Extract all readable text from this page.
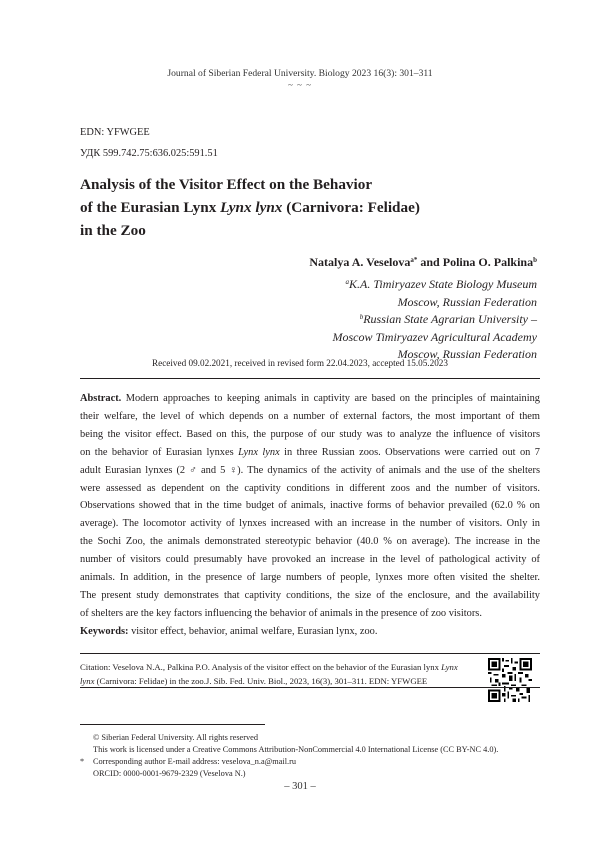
Journal of Siberian Federal University. Biology 2023 16(3): 301–311
~ ~ ~
EDN: YFWGEE
УДК 599.742.75:636.025:591.51
Analysis of the Visitor Effect on the Behavior
of the Eurasian Lynx Lynx lynx (Carnivora: Felidae)
in the Zoo
Natalya A. Veselova$^{a*}$ and Polina O. Palkina$^b$
$^a$K.A. Timiryazev State Biology Museum
Moscow, Russian Federation
$^b$Russian State Agrarian University –
Moscow Timiryazev Agricultural Academy
Moscow, Russian Federation
Received 09.02.2021, received in revised form 22.04.2023, accepted 15.05.2023
Abstract. Modern approaches to keeping animals in captivity are based on the principles of maintaining
their welfare, the level of which depends on a number of external factors, the most important of them
being the visitor effect. Based on this, the purpose of our study was to analyze the influence of visitors
on the behavior of Eurasian lynxes Lynx lynx in three Russian zoos. Observations were carried out on 7
adult Eurasian lynxes (2 ♂ and 5 ♀). The dynamics of the activity of animals and the use of the shelters
were assessed as dependent on the captivity conditions in different zoos and the number of visitors.
Observations showed that in the time budget of animals, inactive forms of behavior prevailed (62.0 % on
average). The locomotor activity of lynxes increased with an increase in the number of visitors. Only in
the Sochi Zoo, the animals demonstrated stereotypic behavior (40.0 % on average). The increase in the
number of visitors could presumably have provoked an increase in the level of pathological activity of
animals. In addition, in the presence of large numbers of people, lynxes more often visited the shelter.
The present study demonstrates that captivity conditions, the size of the enclosure, and the availability
of shelters are the key factors influencing the behavior of animals in the presence of zoo visitors.
Keywords: visitor effect, behavior, animal welfare, Eurasian lynx, zoo.
Citation: Veselova N.A., Palkina P.O. Analysis of the visitor effect on the behavior of the Eurasian lynx Lynx
lynx (Carnivora: Felidae) in the zoo.J. Sib. Fed. Univ. Biol., 2023, 16(3), 301–311. EDN: YFWGEE
© Siberian Federal University. All rights reserved
This work is licensed under a Creative Commons Attribution-NonCommercial 4.0 International License (CC BY-NC 4.0).
* Corresponding author E-mail address: veselova_n.a@mail.ru
ORCID: 0000-0001-9679-2329 (Veselova N.)
– 301 –
